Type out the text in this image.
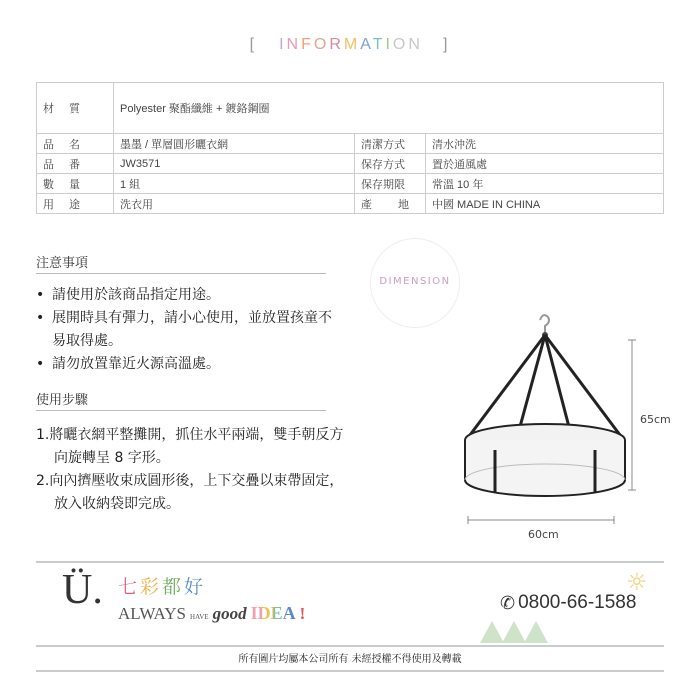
[ INFORMATION ]
材 質	Polyester 聚酯纖維 + 鍍鉻鋼圈		

品 名	墨墨 / 單層圓形曬衣網	清潔方式	清水沖洗

品 番	JW3571	保存方式	置於通風處

數 量	1 組	保存期限	常溫 10 年

用 途	洗衣用	產 地	中國 MADE IN CHINA
注意事項
• 請使用於該商品指定用途。
• 展開時具有彈力，請小心使用，並放置孩童不易取得處。
• 請勿放置靠近火源高溫處。
使用步驟
1.將曬衣網平整攤開，抓住水平兩端，雙手朝反方向旋轉呈 8 字形。
2.向內擠壓收束成圓形後，上下交疊以束帶固定，放入收納袋即完成。
DIMENSION
65cm
60cm
Ü. 七彩都好
ALWAYS HAVE good IDEA !
✆ 0800-66-1588
☼
所有圖片均屬本公司所有 未經授權不得使用及轉載
